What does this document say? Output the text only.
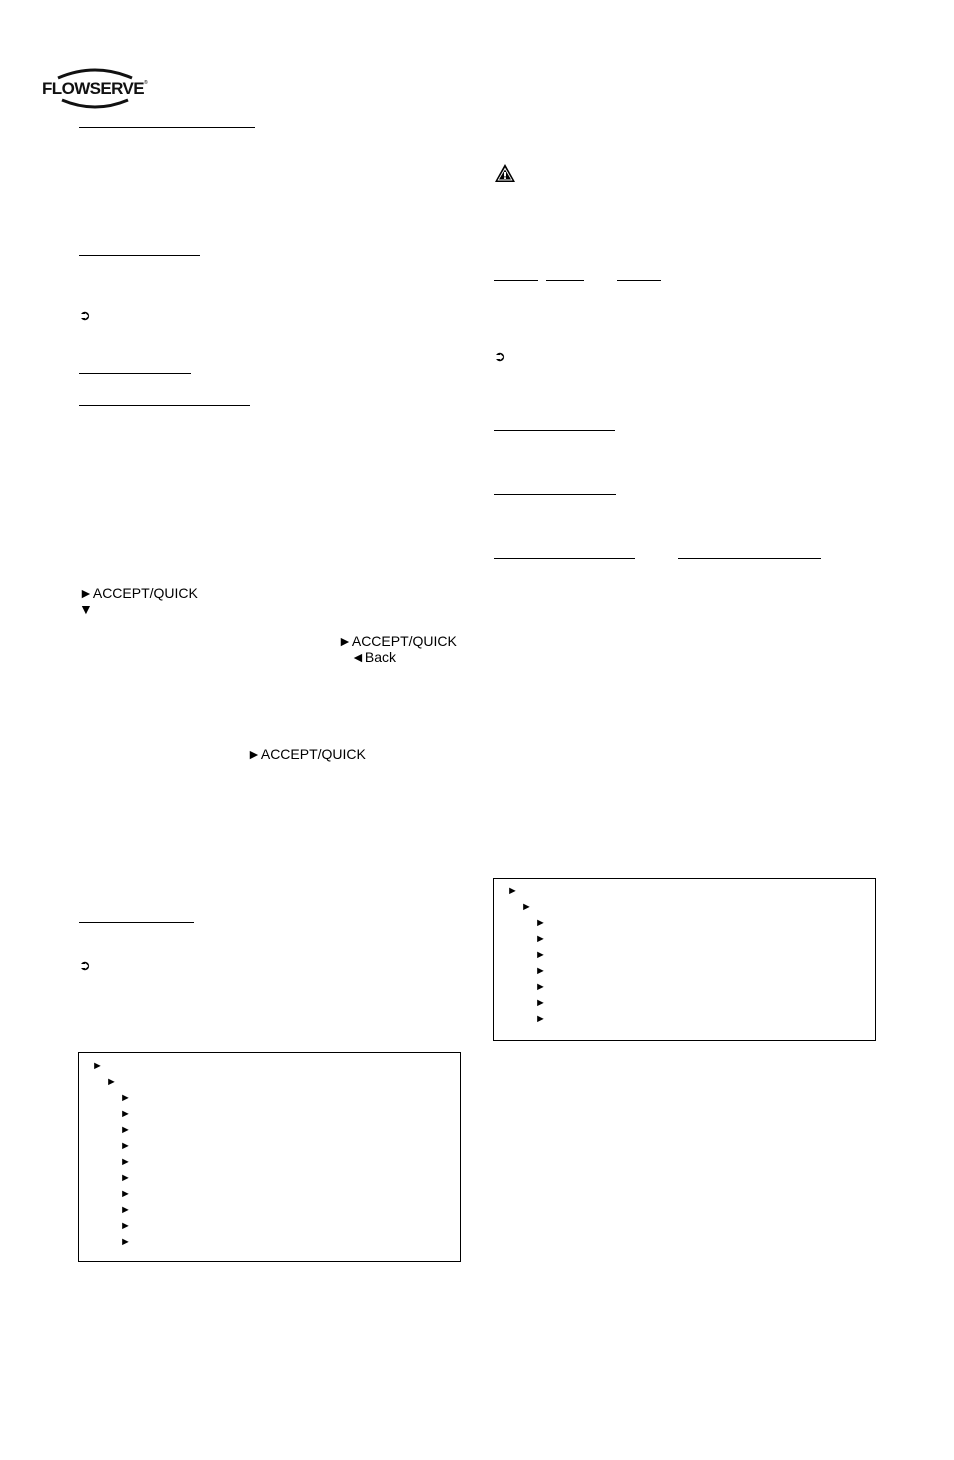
FLOWSERVE ®
➲
►ACCEPT/QUICK
▼
►ACCEPT/QUICK
◄Back
►ACCEPT/QUICK
➲
►
►
►
►
►
►
►
►
►
►
►
►
➲
►
►
►
►
►
►
►
►
►
